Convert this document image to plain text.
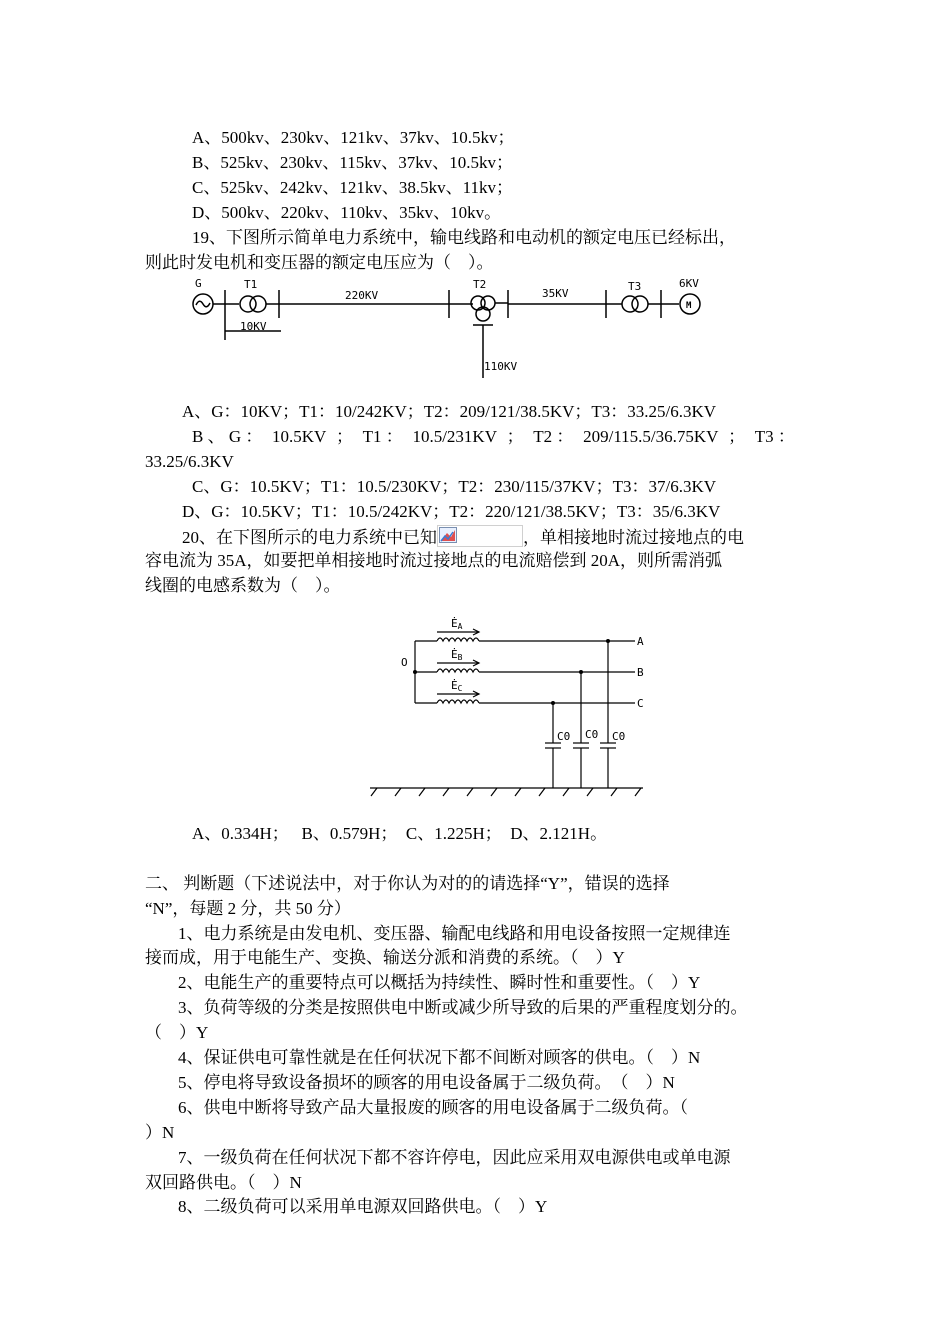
A、500kv、230kv、121kv、37kv、10.5kv；
B、525kv、230kv、115kv、37kv、10.5kv；
C、525kv、242kv、121kv、38.5kv、11kv；
D、500kv、220kv、110kv、35kv、10kv。
19、下图所示简单电力系统中，输电线路和电动机的额定电压已经标出，
则此时发电机和变压器的额定电压应为（　）。
G	T1
220KV
T2
35KV
T3	6KV
10KV
110KV
M
A、G：10KV；T1：10/242KV；T2：209/121/38.5KV；T3：33.25/6.3KV
B 、 G ： 10.5KV ； T1 ： 10.5/231KV ； T2 ： 209/115.5/36.75KV ； T3 ：
33.25/6.3KV
C、G：10.5KV；T1：10.5/230KV；T2：230/115/37KV；T3：37/6.3KV
D、G：10.5KV；T1：10.5/242KV；T2：220/121/38.5KV；T3：35/6.3KV
20、在下图所示的电力系统中已知	，单相接地时流过接地点的电
容电流为 35A，如要把单相接地时流过接地点的电流赔偿到 20A，则所需消弧
线圈的电感系数为（　）。
ĖA
ĖB
ĖC
O
A
B
C
C0 C0 C0
A、0.334H；　 B、0.579H；　C、1.225H；　D、2.121H。
二、 判断题（下述说法中，对于你认为对的的请选择“Y”，错误的选择
“N”，每题 2 分，共 50 分）
1、电力系统是由发电机、变压器、输配电线路和用电设备按照一定规律连
接而成，用于电能生产、变换、输送分派和消费的系统。（　）Y
2、电能生产的重要特点可以概括为持续性、瞬时性和重要性。（　）Y
3、负荷等级的分类是按照供电中断或减少所导致的后果的严重程度划分的。
（　）Y
4、保证供电可靠性就是在任何状况下都不间断对顾客的供电。（　）N
5、停电将导致设备损坏的顾客的用电设备属于二级负荷。　（　）N
6、供电中断将导致产品大量报废的顾客的用电设备属于二级负荷。（
）N
7、一级负荷在任何状况下都不容许停电，因此应采用双电源供电或单电源
双回路供电。（　）N
8、二级负荷可以采用单电源双回路供电。（　）Y
